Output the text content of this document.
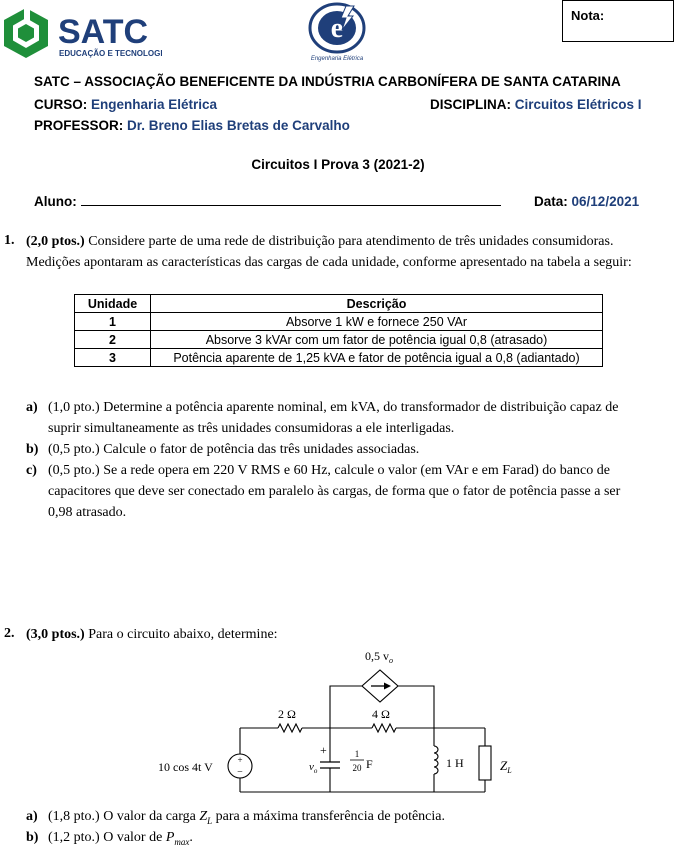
SATC
EDUCAÇÃO E TECNOLOGIA
e
Engenharia Elétrica
Nota:
SATC – ASSOCIAÇÃO BENEFICENTE DA INDÚSTRIA CARBONÍFERA DE SANTA CATARINA
CURSO: Engenharia Elétrica	DISCIPLINA: Circuitos Elétricos I
PROFESSOR: Dr. Breno Elias Bretas de Carvalho
Circuitos I Prova 3 (2021-2)
Aluno:	Data: 06/12/2021
1. (2,0 ptos.) Considere parte de uma rede de distribuição para atendimento de três unidades consumidoras.
Medições apontaram as características das cargas de cada unidade, conforme apresentado na tabela a seguir:
Unidade	Descrição
1	Absorve 1 kW e fornece 250 VAr
2	Absorve 3 kVAr com um fator de potência igual 0,8 (atrasado)
3	Potência aparente de 1,25 kVA e fator de potência igual a 0,8 (adiantado)
a) (1,0 pto.) Determine a potência aparente nominal, em kVA, do transformador de distribuição capaz de
suprir simultaneamente as três unidades consumidoras a ele interligadas.
b) (0,5 pto.) Calcule o fator de potência das três unidades associadas.
c) (0,5 pto.) Se a rede opera em 220 V RMS e 60 Hz, calcule o valor (em VAr e em Farad) do banco de
capacitores que deve ser conectado em paralelo às cargas, de forma que o fator de potência passe a ser
0,98 atrasado.
2. (3,0 ptos.) Para o circuito abaixo, determine:
0,5 $v_o$
2 Ω	4 Ω
+
−
10 cos 4t V
+
$v_o$
1
20 F	1 H	$Z_L$
a) (1,8 pto.) O valor da carga $Z_L$ para a máxima transferência de potência.
b) (1,2 pto.) O valor de $P_{max}$.
